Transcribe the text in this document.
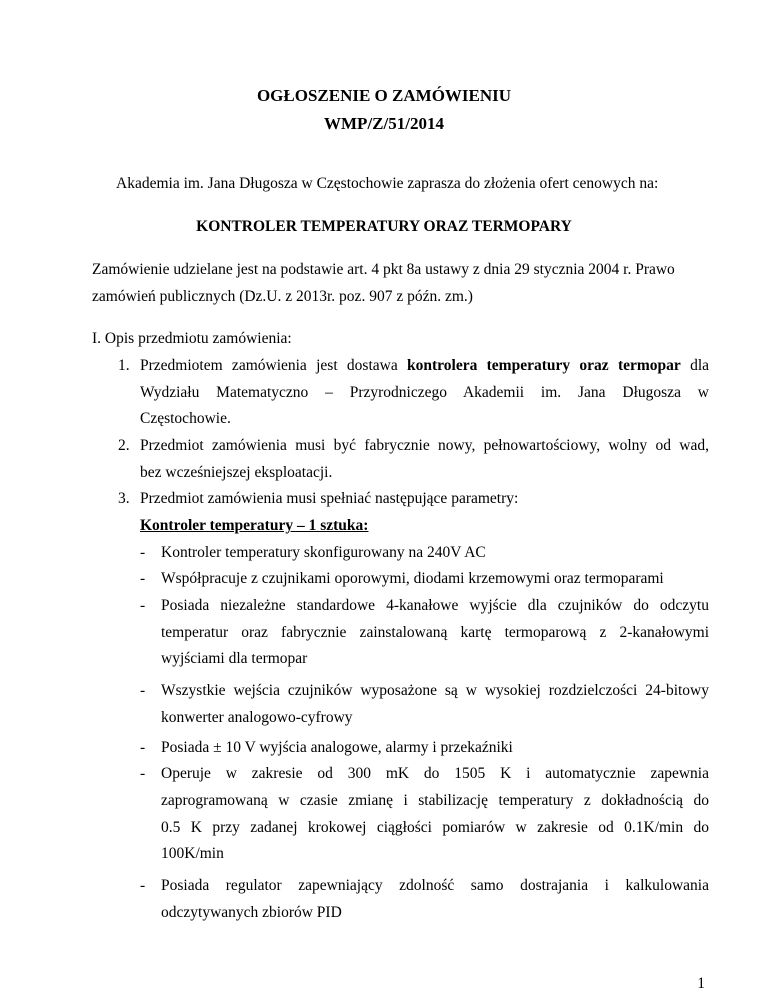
OGŁOSZENIE O ZAMÓWIENIU

WMP/Z/51/2014

Akademia im. Jana Długosza w Częstochowie zaprasza do złożenia ofert cenowych na:

KONTROLER TEMPERATURY ORAZ TERMOPARY

Zamówienie udzielane jest na podstawie art. 4 pkt 8a ustawy z dnia 29 stycznia 2004 r. Prawo

zamówień publicznych (Dz.U. z 2013r. poz. 907 z późn. zm.)

I. Opis przedmiotu zamówienia:

1. Przedmiotem zamówienia jest dostawa kontrolera temperatury oraz termopar dla

Wydziału Matematyczno – Przyrodniczego Akademii im. Jana Długosza w

Częstochowie.

2. Przedmiot zamówienia musi być fabrycznie nowy, pełnowartościowy, wolny od wad,

bez wcześniejszej eksploatacji.

3. Przedmiot zamówienia musi spełniać następujące parametry:

Kontroler temperatury – 1 sztuka:

- Kontroler temperatury skonfigurowany na 240V AC

- Współpracuje z czujnikami oporowymi, diodami krzemowymi oraz termoparami

- Posiada niezależne standardowe 4-kanałowe wyjście dla czujników do odczytu

temperatur oraz fabrycznie zainstalowaną kartę termoparową z 2-kanałowymi

wyjściami dla termopar

- Wszystkie wejścia czujników wyposażone są w wysokiej rozdzielczości 24-bitowy

konwerter analogowo-cyfrowy

- Posiada ± 10 V wyjścia analogowe, alarmy i przekaźniki

- Operuje w zakresie od 300 mK do 1505 K i automatycznie zapewnia

zaprogramowaną w czasie zmianę i stabilizację temperatury z dokładnością do

0.5 K przy zadanej krokowej ciągłości pomiarów w zakresie od 0.1K/min do

100K/min

- Posiada regulator zapewniający zdolność samo dostrajania i kalkulowania

odczytywanych zbiorów PID

1
